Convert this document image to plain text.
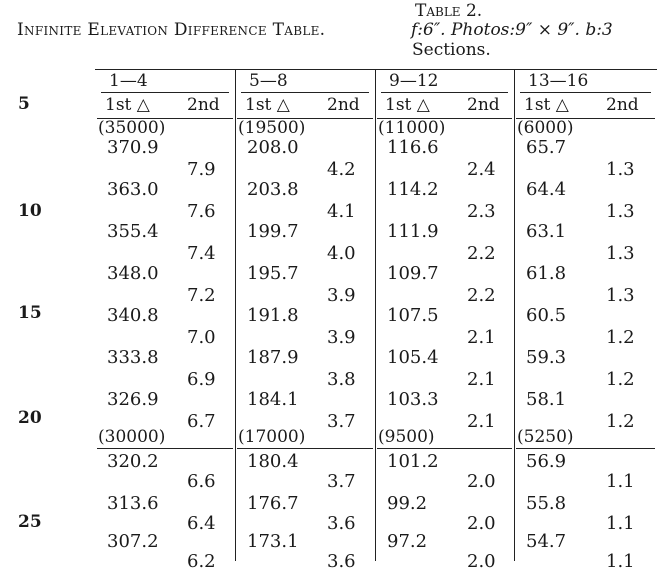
Table 2.
Infinite Elevation Difference Table.	f:6″. Photos:9″ × 9″. b:3
Sections.
5
10
15
20
25
1—4
1st △ 2nd
(35000)
(30000)
370.9
363.0
355.4
348.0
340.8
333.8
326.9
320.2
313.6
307.2
7.9
7.6
7.4
7.2
7.0
6.9
6.7
6.6
6.4
6.2
5—8
1st △ 2nd
(19500)
(17000)
208.0
203.8
199.7
195.7
191.8
187.9
184.1
180.4
176.7
173.1
4.2
4.1
4.0
3.9
3.9
3.8
3.7
3.7
3.6
3.6
9—12
1st △ 2nd
(11000)
(9500)
116.6
114.2
111.9
109.7
107.5
105.4
103.3
101.2
99.2
97.2
2.4
2.3
2.2
2.2
2.1
2.1
2.1
2.0
2.0
2.0
13—16
1st △ 2nd
(6000)
(5250)
65.7
64.4
63.1
61.8
60.5
59.3
58.1
56.9
55.8
54.7
1.3
1.3
1.3
1.3
1.2
1.2
1.2
1.1
1.1
1.1
